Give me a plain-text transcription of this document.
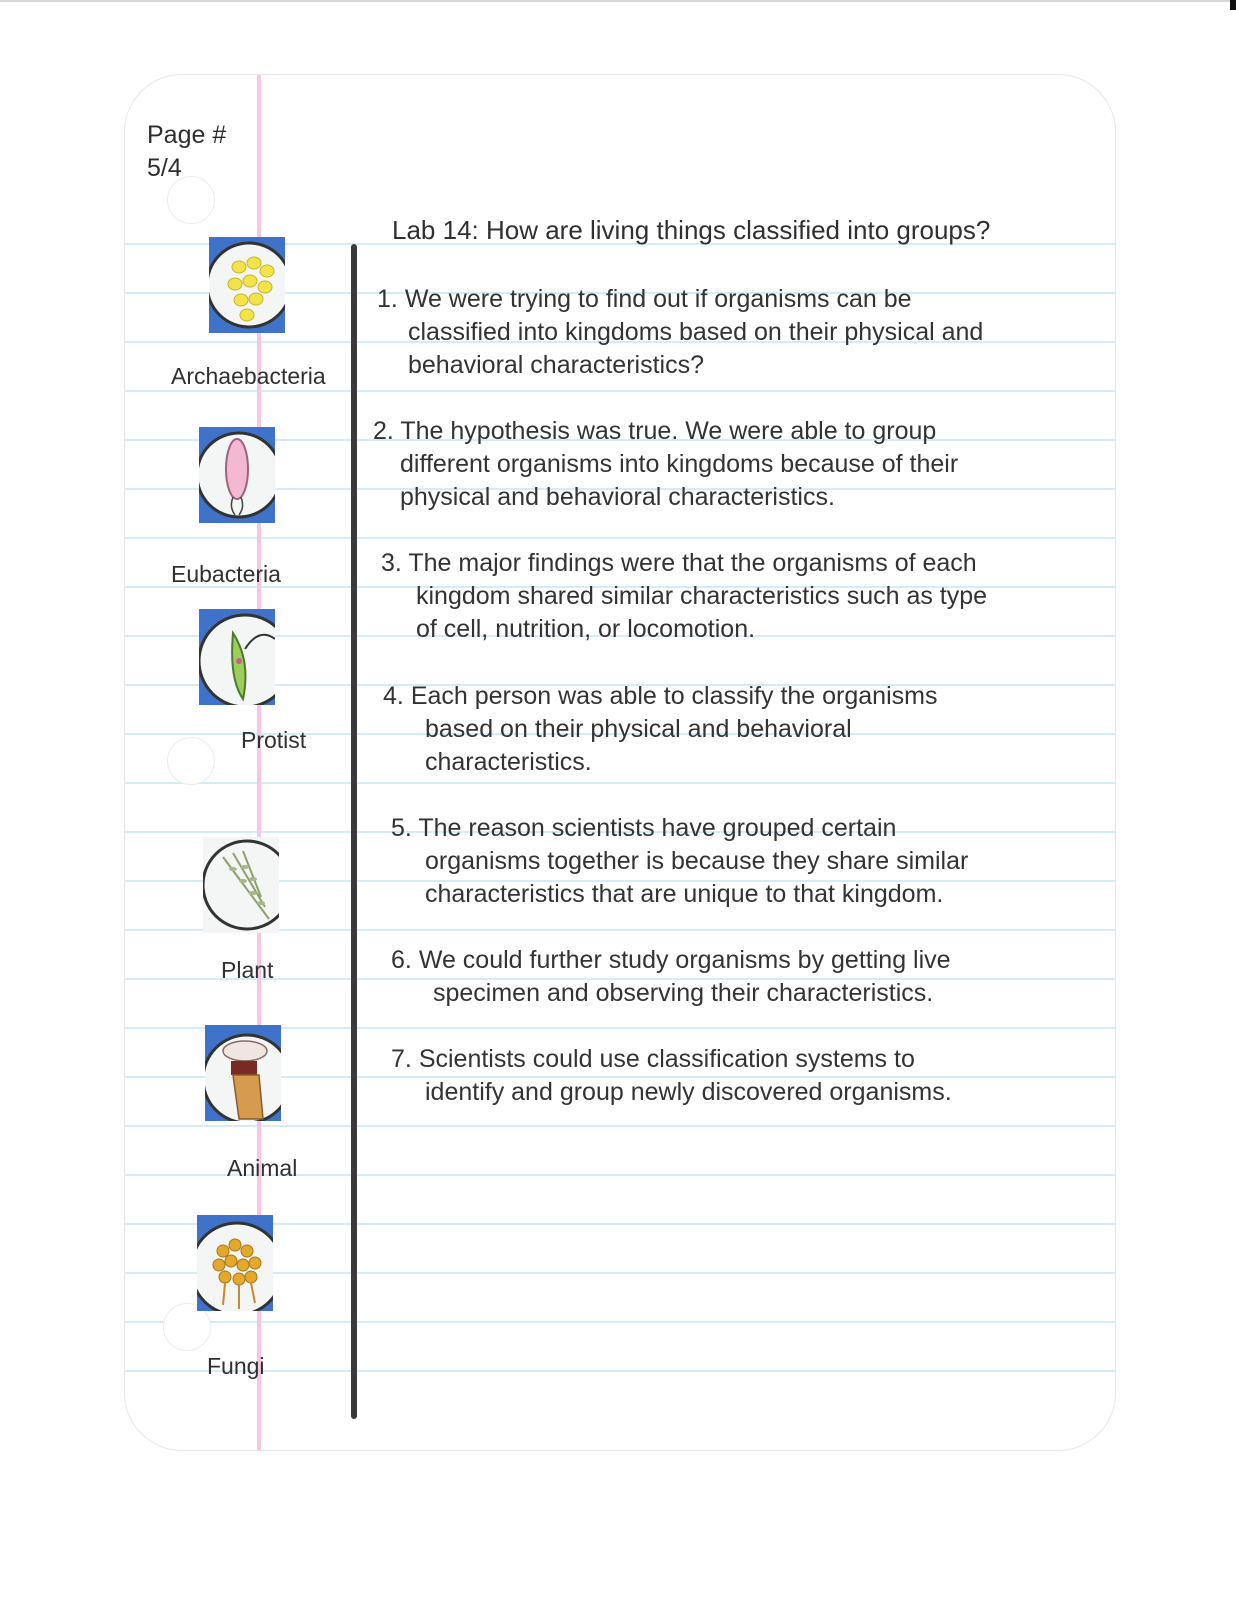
Page #
5/4
Archaebacteria
Eubacteria
Protist
Plant
Animal
Fungi
Lab 14: How are living things classified into groups?
1. We were trying to find out if organisms can be
classified into kingdoms based on their physical and
behavioral characteristics?
2. The hypothesis was true. We were able to group
different organisms into kingdoms because of their
physical and behavioral characteristics.
3. The major findings were that the organisms of each
kingdom shared similar characteristics such as type
of cell, nutrition, or locomotion.
4. Each person was able to classify the organisms
based on their physical and behavioral
characteristics.
5. The reason scientists have grouped certain
organisms together is because they share similar
characteristics that are unique to that kingdom.
6. We could further study organisms by getting live
specimen and observing their characteristics.
7. Scientists could use classification systems to
identify and group newly discovered organisms.
